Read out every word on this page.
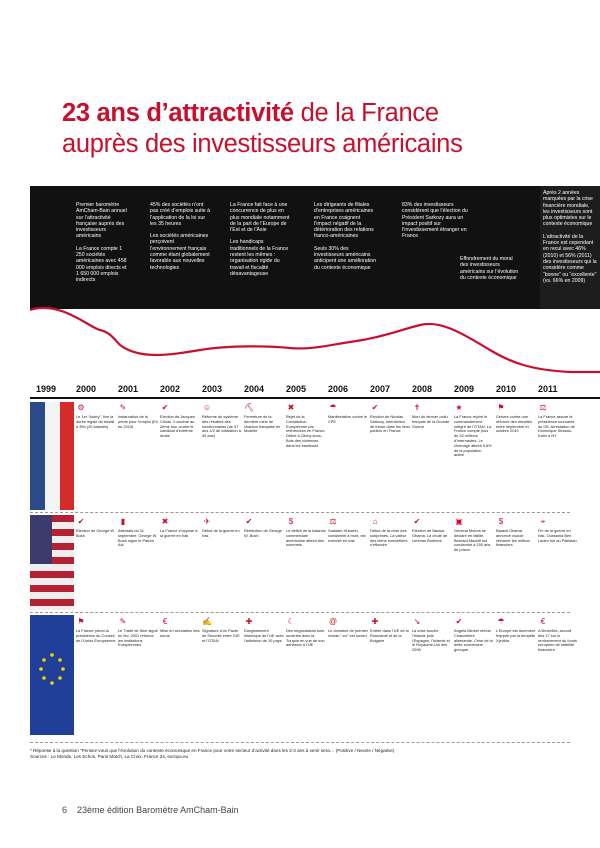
23 ans d’attractivité de la France
auprès des investisseurs américains

Premier baromètre AmCham-Bain annuel sur l’attractivité française auprès des investisseurs américains

La France compte 1 250 sociétés américaines avec 458 000 emplois directs et 1 650 000 emplois indirects

45% des sociétés n’ont pas créé d’emplois suite à l’application de la loi sur les 35 heures

Les sociétés américaines perçoivent l’environnement français comme étant globalement favorable aux nouvelles technologies

La France fait face à une concurrence de plus en plus mondiale notamment de la part de l’Europe de l’Est et de l’Asie

Les handicaps traditionnels de la France restent les mêmes : organisation rigide du travail et fiscalité désavantageuse

Les dirigeants de filiales d’entreprises américaines en France craignent l’impact négatif de la détérioration des relations franco-américaines

Seuls 30% des investisseurs américains anticipent une amélioration du contexte économique

83% des investisseurs considèrent que l’élection du Président Sarkozy aura un impact positif sur l’investissement étranger en France

Effondrement du moral des investisseurs américains sur l’évolution du contexte économique

Après 2 années marquées par la crise financière mondiale, les investisseurs sont plus optimistes sur le contexte économique

L’attractivité de la France est cependant en recul avec 46% (2010) et 56% (2011) des investisseurs qui la considère comme “bonne” ou “excellente” (vs. 66% en 2009)

1999 2000 2001 2002 2003 2004 2005 2006 2007 2008 2009 2010 2011
⚙
Le 1er “Aubry”, fixe la durée légale du travail à 35h (20 salariés)
✎
Instauration de la prime pour l’emploi (En en 2015)
✔
Election de Jacques Chirac. Il accède au 2ème tour contre le candidat d’extrême droite
☺
Réforme du système des retraites des fonctionnaires (de 37 ans 1/2 de cotisation à 40 ans)
⛏
Fermeture de la dernière mine de charbon française en Moselle
✖
Rejet de la Constitution Européenne par référendum en France. Début à Clichy-sous-Bois des violences dans les banlieues
☂
Manifestation contre le CPE
✔
Election de Nicolas Sarkozy. Interdiction de fumer dans les lieux publics en France
✝
Mort du dernier poilu français de la Grande Guerre
★
La France rejoint le commandement intégré de l’OTAN. La France compte plus de 32 millions d’internautes. Le chômage atteint 9,6% de la population active
⚑
Grèves contre une réforme des retraites entre septembre et octobre 2010
⚖
La France assure la présidence tournante du G8. Arrestation de Dominique Strauss-Kahn à NY
✔
Election de George W. Bush
▮
Attentats du 11 septembre. George W. Bush signe le Patriot Act
✖
La France s’oppose à la guerre en Irak
✈
Début de la guerre en Irak
✔
Réélection de George W. Bush
$
Le déficit de la balance commerciale américaine atteint des sommets
⚖
Saddam Hussein, condamné à mort, est exécuté en Irak
⌂
Début de la crise des subprimes. La valeur des biens immobiliers s’effondre
✔
Election de Barack Obama. La chute de Lehman Brothers
▣
General Motors se déclare en faillite. Bernard Madoff est condamné à 150 ans de prison
$
Barack Obama annonce vouloir réformer les milieux financiers
⌖
Fin de la guerre en Irak. Oussama Ben Laden tué au Pakistan
⚑
La France prend la présidence du Conseil de l’Union Européenne
✎
Le Traité de Nice signé en fév. 2001 réforme les institutions Européennes
€
Mise en circulation des euros
✍
Signature d’un Pacte de Sécurité entre l’UE et l’OTAN
✚
Elargissement historique de l’UE avec l’adhésion de 10 pays
☾
Des négociations sont ouvertes avec la Turquie en vue de son adhésion à l’UE
@
Le domaine de premier niveau “.eu” est ouvert
✚
Entrée dans l’UE de la Roumanie et de la Bulgarie
↘
La crise touche l’Irlande puis l’Espagne, l’Islande et le Royaume-Uni dès 2008
✔
Angela Merkel réélue Chancelière allemande. Crise de la dette souveraine grecque
☂
L’Europe est durement frappée par la tempête Xynthia
€
A Bruxelles, accord des 17 sur le renforcement du fonds européen de stabilité financière
6 23ème édition Baromètre AmCham-Bain
* Réponse à la question “Pensez-vous que l’évolution du contexte économique en France pour votre secteur d’activité dans les 2-3 ans à venir sera… (Positive / Neutre / Négative)
Sources : Le Monde, Les Echos, Paris Match, La Croix, France 24, europa.eu
